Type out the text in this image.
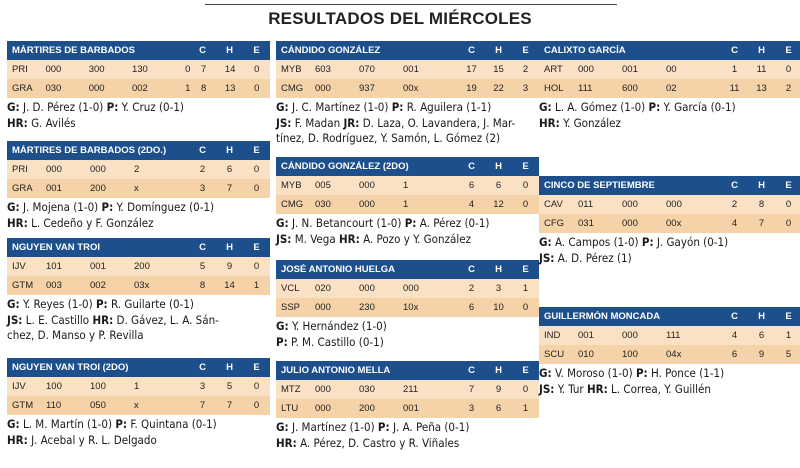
RESULTADOS DEL MIÉRCOLES
MÁRTIRES DE BARBADOS	C	H	E
PRI	000	300	130	0	7	14	0
GRA	030	000	002	1	8	13	0
G: J. D. Pérez (1-0) P: Y. Cruz (0-1)
HR: G. Avilés
MÁRTIRES DE BARBADOS (2DO.)	C	H	E
PRI	000	000	2	2	6	0
GRA	001	200	x	3	7	0
G: J. Mojena (1-0) P: Y. Domínguez (0-1)
HR: L. Cedeño y F. González
NGUYEN VAN TROI	C	H	E
IJV	101	001	200	5	9	0
GTM	003	002	03x	8	14	1
G: Y. Reyes (1-0) P: R. Guilarte (0-1)
JS: L. E. Castillo HR: D. Gávez, L. A. Sán-
chez, D. Manso y P. Revilla
NGUYEN VAN TROI (2DO)	C	H	E
IJV	100	100	1	3	5	0
GTM	110	050	x	7	7	0
G: L. M. Martín (1-0) P: F. Quintana (0-1)
HR: J. Acebal y R. L. Delgado
CÁNDIDO GONZÁLEZ	C	H	E
MYB	603	070	001	17	15	2
CMG	000	937	00x	19	22	3
G: J. C. Martínez (1-0) P: R. Aguilera (1-1)
JS: F. Madan JR: D. Laza, O. Lavandera, J. Mar-
tínez, D. Rodríguez, Y. Samón, L. Gómez (2)
CÁNDIDO GONZÁLEZ (2DO)	C	H	E
MYB	005	000	1	6	6	0
CMG	030	000	1	4	12	0
G: J. N. Betancourt (1-0) P: A. Pérez (0-1)
JS: M. Vega HR: A. Pozo y Y. González
JOSÉ ANTONIO HUELGA	C	H	E
VCL	020	000	000	2	3	1
SSP	000	230	10x	6	10	0
G: Y. Hernández (1-0)
P: P. M. Castillo (0-1)
JULIO ANTONIO MELLA	C	H	E
MTZ	000	030	211	7	9	0
LTU	000	200	001	3	6	1
G: J. Martínez (1-0) P: J. A. Peña (0-1)
HR: A. Pérez, D. Castro y R. Viñales
CALIXTO GARCÍA	C	H	E
ART	000	001	00	1	11	0
HOL	111	600	02	11	13	2
G: L. A. Gómez (1-0) P: Y. García (0-1)
HR: Y. González
CINCO DE SEPTIEMBRE	C	H	E
CAV	011	000	000	2	8	0
CFG	031	000	00x	4	7	0
G: A. Campos (1-0) P: J. Gayón (0-1)
JS: A. D. Pérez (1)
GUILLERMÓN MONCADA	C	H	E
IND	001	000	111	4	6	1
SCU	010	100	04x	6	9	5
G: V. Moroso (1-0) P: H. Ponce (1-1)
JS: Y. Tur HR: L. Correa, Y. Guillén
